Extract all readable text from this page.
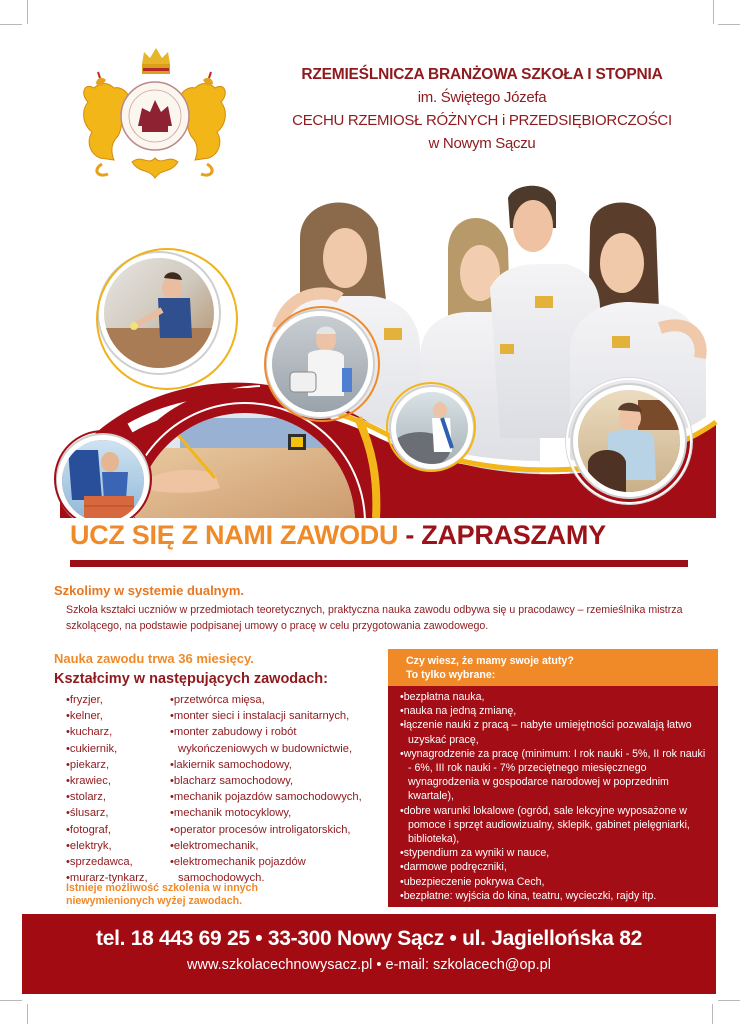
RZEMIEŚLNICZA BRANŻOWA SZKOŁA I STOPNIA
im. Świętego Józefa
CECHU RZEMIOSŁ RÓŻNYCH i PRZEDSIĘBIORCZOŚCI
w Nowym Sączu
UCZ SIĘ Z NAMI ZAWODU - ZAPRASZAMY
Szkolimy w systemie dualnym.
Szkoła kształci uczniów w przedmiotach teoretycznych, praktyczna nauka zawodu odbywa się u pracodawcy – rzemieślnika mistrza szkolącego, na podstawie podpisanej umowy o pracę w celu przygotowania zawodowego.
Nauka zawodu trwa 36 miesięcy.
Kształcimy w następujących zawodach:
• fryzjer,
• kelner,
• kucharz,
• cukiernik,
• piekarz,
• krawiec,
• stolarz,
• ślusarz,
• fotograf,
• elektryk,
• sprzedawca,
• murarz-tynkarz,
• przetwórca mięsa,
• monter sieci i instalacji sanitarnych,
• monter zabudowy i robót
wykończeniowych w budownictwie,
• lakiernik samochodowy,
• blacharz samochodowy,
• mechanik pojazdów samochodowych,
• mechanik motocyklowy,
• operator procesów introligatorskich,
• elektromechanik,
• elektromechanik pojazdów
samochodowych.
Istnieje możliwość szkolenia w innych niewymienionych wyżej zawodach.
Czy wiesz, że mamy swoje atuty?
To tylko wybrane:
• bezpłatna nauka,
• nauka na jedną zmianę,
• łączenie nauki z pracą – nabyte umiejętności pozwalają łatwo uzyskać pracę,
• wynagrodzenie za pracę (minimum: I rok nauki - 5%, II rok nauki - 6%, III rok nauki - 7% przeciętnego miesięcznego wynagrodzenia w gospodarce narodowej w poprzednim kwartale),
• dobre warunki lokalowe (ogród, sale lekcyjne wyposażone w pomoce i sprzęt audiowizualny, sklepik, gabinet pielęgniarki, biblioteka),
• stypendium za wyniki w nauce,
• darmowe podręczniki,
• ubezpieczenie pokrywa Cech,
• bezpłatne: wyjścia do kina, teatru, wycieczki, rajdy itp.
tel. 18 443 69 25 • 33-300 Nowy Sącz • ul. Jagiellońska 82
www.szkolacechnowysacz.pl • e-mail: szkolacech@op.pl
